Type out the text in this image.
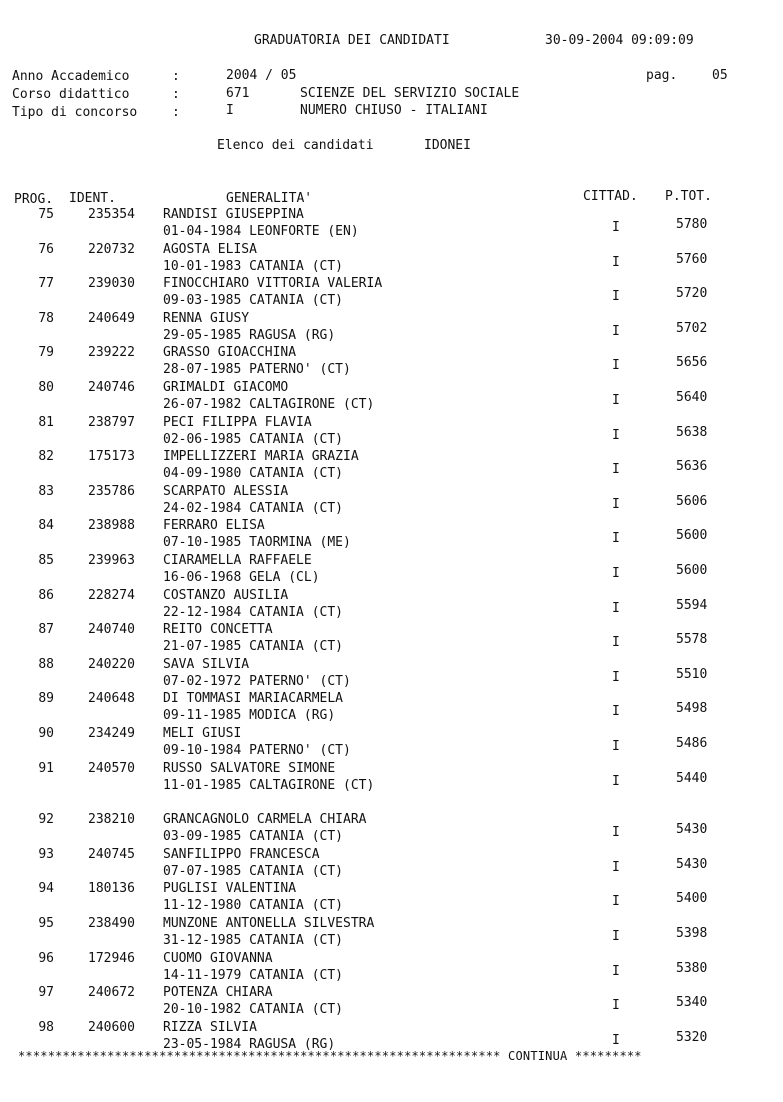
GRADUATORIA DEI CANDIDATI	30-09-2004 09:09:09
Anno Accademico	:	2004 / 05	pag.	05
Corso didattico	:	671	SCIENZE DEL SERVIZIO SOCIALE
Tipo di concorso	:	I	NUMERO CHIUSO - ITALIANI
Elenco dei candidati	IDONEI
PROG. IDENT.	GENERALITA'	CITTAD. P.TOT.
75	235354 RANDISI GIUSEPPINA
01-04-1984 LEONFORTE (EN)	I	5780
76	220732 AGOSTA ELISA
10-01-1983 CATANIA (CT)	I	5760
77	239030 FINOCCHIARO VITTORIA VALERIA
09-03-1985 CATANIA (CT)	I	5720
78	240649 RENNA GIUSY
29-05-1985 RAGUSA (RG)	I	5702
79	239222 GRASSO GIOACCHINA
28-07-1985 PATERNO' (CT)	I	5656
80	240746 GRIMALDI GIACOMO
26-07-1982 CALTAGIRONE (CT)	I	5640
81	238797 PECI FILIPPA FLAVIA
02-06-1985 CATANIA (CT)	I	5638
82	175173 IMPELLIZZERI MARIA GRAZIA
04-09-1980 CATANIA (CT)	I	5636
83	235786 SCARPATO ALESSIA
24-02-1984 CATANIA (CT)	I	5606
84	238988 FERRARO ELISA
07-10-1985 TAORMINA (ME)	I	5600
85	239963 CIARAMELLA RAFFAELE
16-06-1968 GELA (CL)	I	5600
86	228274 COSTANZO AUSILIA
22-12-1984 CATANIA (CT)	I	5594
87	240740 REITO CONCETTA
21-07-1985 CATANIA (CT)	I	5578
88	240220 SAVA SILVIA
07-02-1972 PATERNO' (CT)	I	5510
89	240648 DI TOMMASI MARIACARMELA
09-11-1985 MODICA (RG)	I	5498
90	234249 MELI GIUSI
09-10-1984 PATERNO' (CT)	I	5486
91	240570 RUSSO SALVATORE SIMONE
11-01-1985 CALTAGIRONE (CT)	I	5440
92	238210 GRANCAGNOLO CARMELA CHIARA
03-09-1985 CATANIA (CT)	I	5430
93	240745 SANFILIPPO FRANCESCA
07-07-1985 CATANIA (CT)	I	5430
94	180136 PUGLISI VALENTINA
11-12-1980 CATANIA (CT)	I	5400
95	238490 MUNZONE ANTONELLA SILVESTRA
31-12-1985 CATANIA (CT)	I	5398
96	172946 CUOMO GIOVANNA
14-11-1979 CATANIA (CT)	I	5380
97	240672 POTENZA CHIARA
20-10-1982 CATANIA (CT)	I	5340
98	240600 RIZZA SILVIA
23-05-1984 RAGUSA (RG)	I	5320
***************************************************************** CONTINUA *********
